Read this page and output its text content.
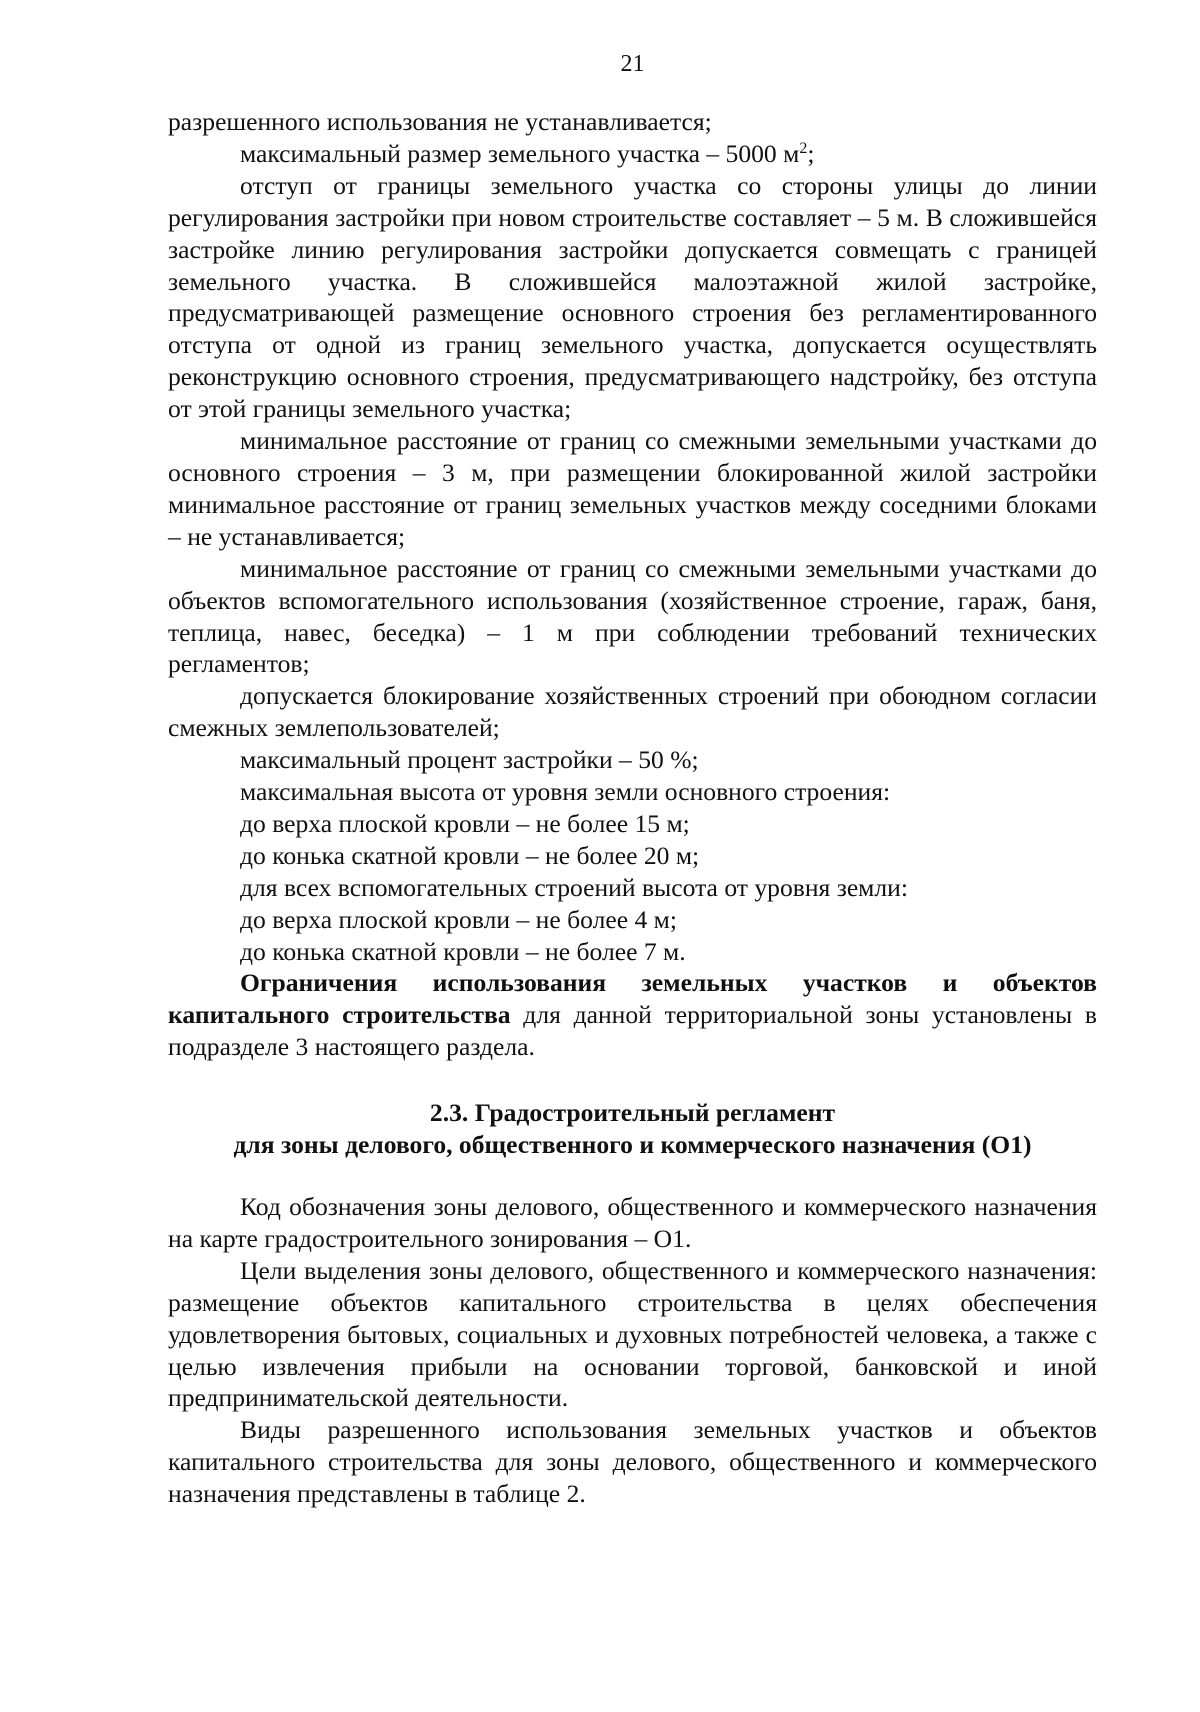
21

разрешенного использования не устанавливается;

максимальный размер земельного участка – 5000 $м^2$;

отступ от границы земельного участка со стороны улицы до линии регулирования застройки при новом строительстве составляет – 5 м. В сложившейся застройке линию регулирования застройки допускается совмещать с границей земельного участка. В сложившейся малоэтажной жилой застройке, предусматривающей размещение основного строения без регламентированного отступа от одной из границ земельного участка, допускается осуществлять реконструкцию основного строения, предусматривающего надстройку, без отступа от этой границы земельного участка;

минимальное расстояние от границ со смежными земельными участками до основного строения – 3 м, при размещении блокированной жилой застройки минимальное расстояние от границ земельных участков между соседними блоками – не устанавливается;

минимальное расстояние от границ со смежными земельными участками до объектов вспомогательного использования (хозяйственное строение, гараж, баня, теплица, навес, беседка) – 1 м при соблюдении требований технических регламентов;

допускается блокирование хозяйственных строений при обоюдном согласии смежных землепользователей;

максимальный процент застройки – 50 %;

максимальная высота от уровня земли основного строения:

до верха плоской кровли – не более 15 м;

до конька скатной кровли – не более 20 м;

для всех вспомогательных строений высота от уровня земли:

до верха плоской кровли – не более 4 м;

до конька скатной кровли – не более 7 м.

Ограничения использования земельных участков и объектов капитального строительства для данной территориальной зоны установлены в подразделе 3 настоящего раздела.

2.3. Градостроительный регламент

для зоны делового, общественного и коммерческого назначения (О1)

Код обозначения зоны делового, общественного и коммерческого назначения на карте градостроительного зонирования – О1.

Цели выделения зоны делового, общественного и коммерческого назначения: размещение объектов капитального строительства в целях обеспечения удовлетворения бытовых, социальных и духовных потребностей человека, а также с целью извлечения прибыли на основании торговой, банковской и иной предпринимательской деятельности.

Виды разрешенного использования земельных участков и объектов капитального строительства для зоны делового, общественного и коммерческого назначения представлены в таблице 2.
